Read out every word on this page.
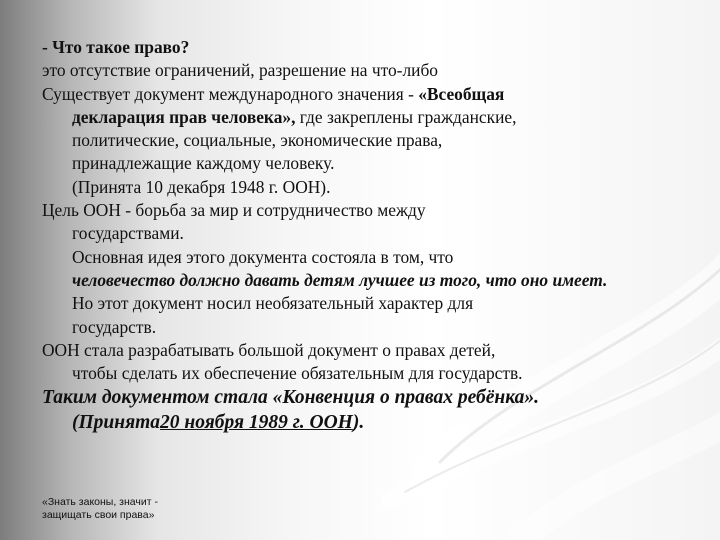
- Что такое право?
это отсутствие ограничений, разрешение на что-либо
Существует документ международного значения - «Всеобщая
декларация прав человека», где закреплены гражданские,
политические, социальные, экономические права,
принадлежащие каждому человеку.
(Принята 10 декабря 1948 г. ООН).
Цель ООН - борьба за мир и сотрудничество между
государствами.
Основная идея этого документа состояла в том, что
человечество должно давать детям лучшее из того, что оно имеет.
Но этот документ носил необязательный характер для
государств.
ООН стала разрабатывать большой документ о правах детей,
чтобы сделать их обеспечение обязательным для государств.
Таким документом стала «Конвенция о правах ребёнка».
(Принята20 ноября 1989 г. ООН).
«Знать законы, значит -
защищать свои права»
